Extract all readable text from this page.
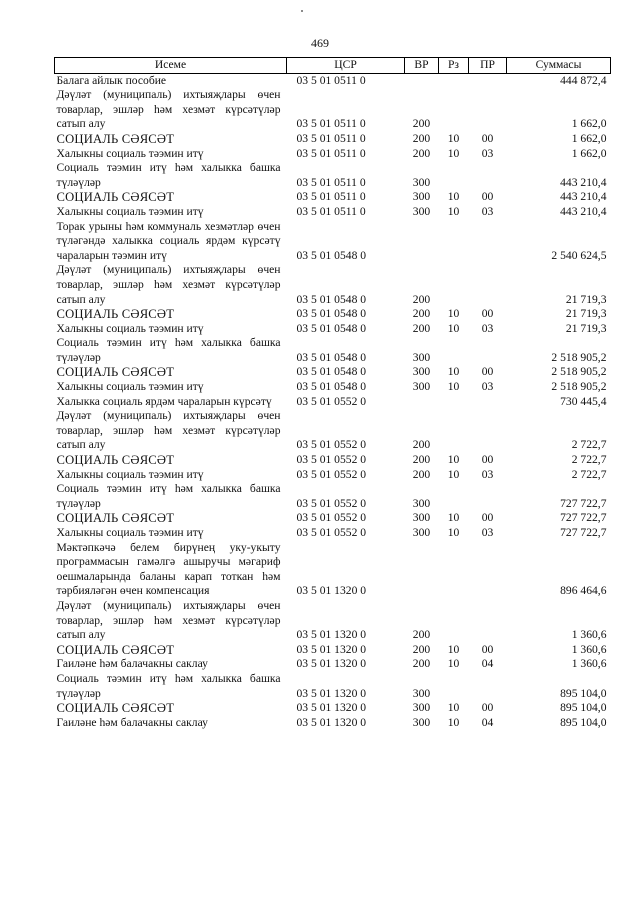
469
Исеме	ЦСР	ВР	Рз	ПР	Суммасы
Балага айлык пособие	03 5 01 0511 0				444 872,4
Дәүләт (муниципаль) ихтыяҗлары өчен товарлар, эшләр һәм хезмәт күрсәтүләр сатып алу	03 5 01 0511 0	200			1 662,0
СОЦИАЛЬ СӘЯСӘТ	03 5 01 0511 0	200	10	00	1 662,0
Халыкны социаль тәэмин итү	03 5 01 0511 0	200	10	03	1 662,0
Социаль тәэмин итү һәм халыкка башка түләүләр	03 5 01 0511 0	300			443 210,4
СОЦИАЛЬ СӘЯСӘТ	03 5 01 0511 0	300	10	00	443 210,4
Халыкны социаль тәэмин итү	03 5 01 0511 0	300	10	03	443 210,4
Торак урыны һәм коммуналь хезмәтләр өчен түләгәндә халыкка социаль ярдәм күрсәтү чараларын тәэмин итү	03 5 01 0548 0				2 540 624,5
Дәүләт (муниципаль) ихтыяҗлары өчен товарлар, эшләр һәм хезмәт күрсәтүләр сатып алу	03 5 01 0548 0	200			21 719,3
СОЦИАЛЬ СӘЯСӘТ	03 5 01 0548 0	200	10	00	21 719,3
Халыкны социаль тәэмин итү	03 5 01 0548 0	200	10	03	21 719,3
Социаль тәэмин итү һәм халыкка башка түләүләр	03 5 01 0548 0	300			2 518 905,2
СОЦИАЛЬ СӘЯСӘТ	03 5 01 0548 0	300	10	00	2 518 905,2
Халыкны социаль тәэмин итү	03 5 01 0548 0	300	10	03	2 518 905,2
Халыкка социаль ярдәм чараларын күрсәтү	03 5 01 0552 0				730 445,4
Дәүләт (муниципаль) ихтыяҗлары өчен товарлар, эшләр һәм хезмәт күрсәтүләр сатып алу	03 5 01 0552 0	200			2 722,7
СОЦИАЛЬ СӘЯСӘТ	03 5 01 0552 0	200	10	00	2 722,7
Халыкны социаль тәэмин итү	03 5 01 0552 0	200	10	03	2 722,7
Социаль тәэмин итү һәм халыкка башка түләүләр	03 5 01 0552 0	300			727 722,7
СОЦИАЛЬ СӘЯСӘТ	03 5 01 0552 0	300	10	00	727 722,7
Халыкны социаль тәэмин итү	03 5 01 0552 0	300	10	03	727 722,7
Мәктәпкәчә белем бирүнең уку-укыту программасын гамәлгә ашыручы мәгариф оешмаларында баланы карап тоткан һәм тәрбияләгән өчен компенсация	03 5 01 1320 0				896 464,6
Дәүләт (муниципаль) ихтыяҗлары өчен товарлар, эшләр һәм хезмәт күрсәтүләр сатып алу	03 5 01 1320 0	200			1 360,6
СОЦИАЛЬ СӘЯСӘТ	03 5 01 1320 0	200	10	00	1 360,6
Гаиләне һәм балачакны саклау	03 5 01 1320 0	200	10	04	1 360,6
Социаль тәэмин итү һәм халыкка башка түләүләр	03 5 01 1320 0	300			895 104,0
СОЦИАЛЬ СӘЯСӘТ	03 5 01 1320 0	300	10	00	895 104,0
Гаиләне һәм балачакны саклау	03 5 01 1320 0	300	10	04	895 104,0
